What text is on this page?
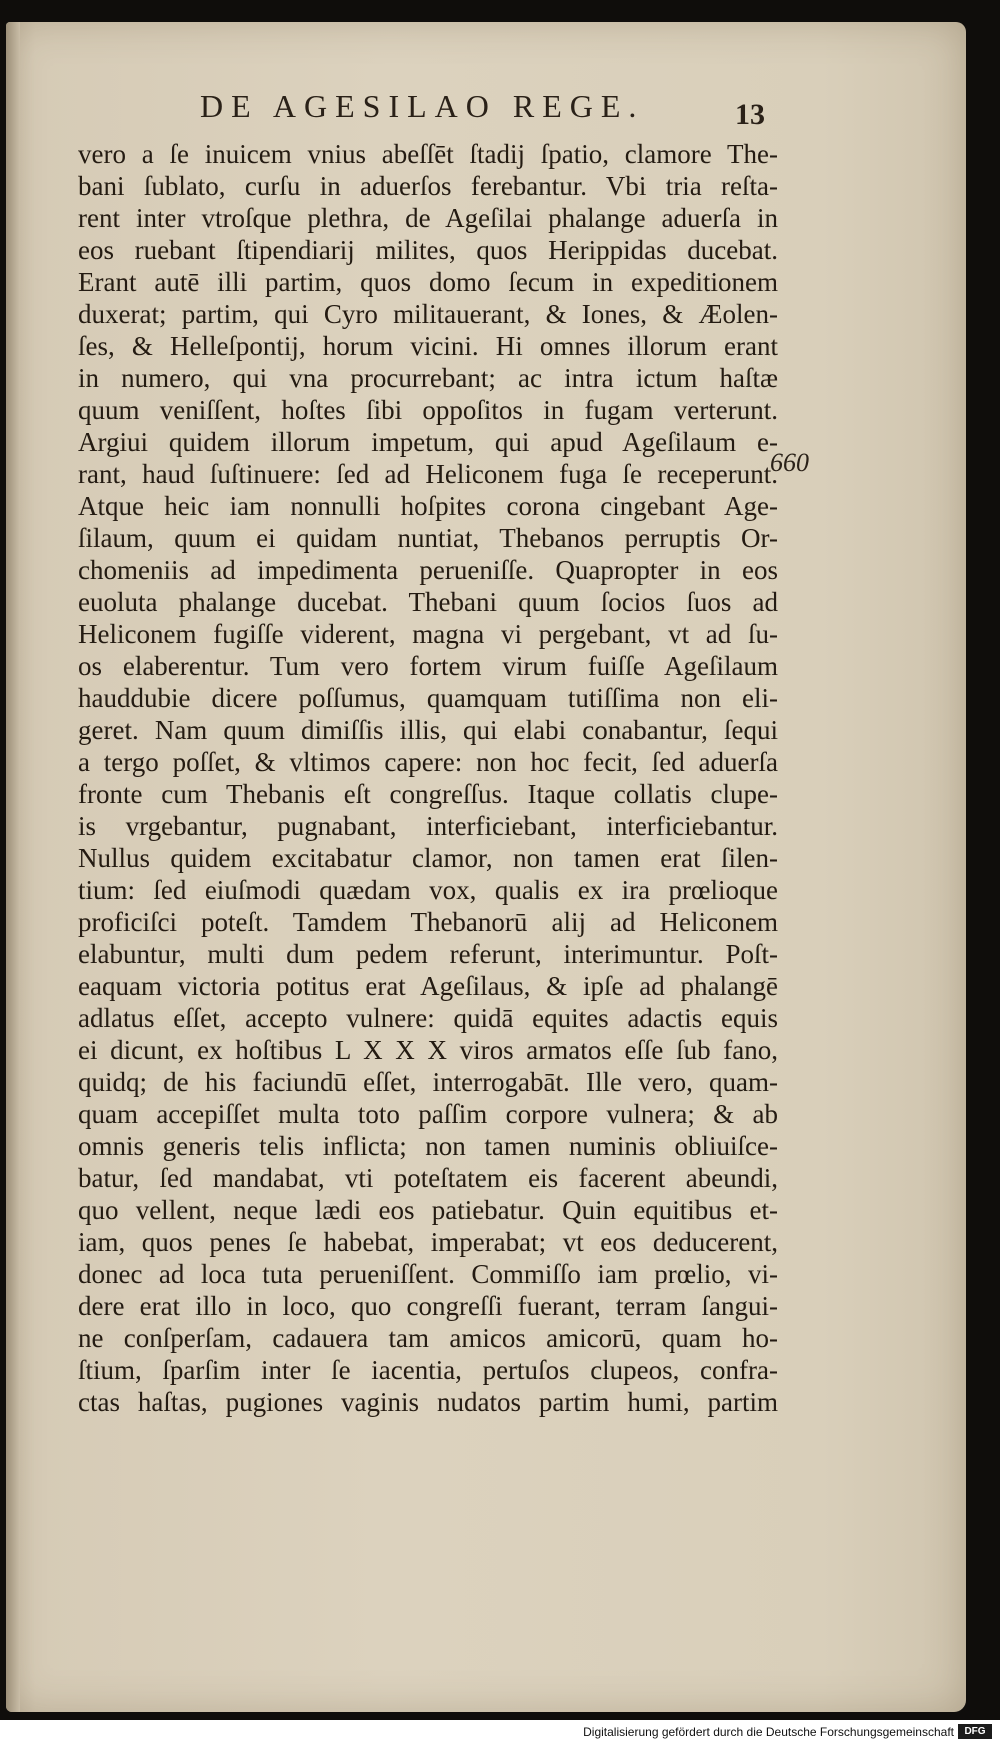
DE AGESILAO REGE.	13
660
vero a ſe inuicem vnius abeſſēt ſtadij ſpatio, clamore The-
bani ſublato, curſu in aduerſos ferebantur. Vbi tria reſta-
rent inter vtroſque plethra, de Ageſilai phalange aduerſa in
eos ruebant ſtipendiarij milites, quos Herippidas ducebat.
Erant autē illi partim, quos domo ſecum in expeditionem
duxerat; partim, qui Cyro militauerant, & Iones, & Æolen-
ſes, & Helleſpontij, horum vicini. Hi omnes illorum erant
in numero, qui vna procurrebant; ac intra ictum haſtæ
quum veniſſent, hoſtes ſibi oppoſitos in fugam verterunt.
Argiui quidem illorum impetum, qui apud Ageſilaum e-
rant, haud ſuſtinuere: ſed ad Heliconem fuga ſe receperunt.
Atque heic iam nonnulli hoſpites corona cingebant Age-
ſilaum, quum ei quidam nuntiat, Thebanos perruptis Or-
chomeniis ad impedimenta perueniſſe. Quapropter in eos
euoluta phalange ducebat. Thebani quum ſocios ſuos ad
Heliconem fugiſſe viderent, magna vi pergebant, vt ad ſu-
os elaberentur. Tum vero fortem virum fuiſſe Ageſilaum
hauddubie dicere poſſumus, quamquam tutiſſima non eli-
geret. Nam quum dimiſſis illis, qui elabi conabantur, ſequi
a tergo poſſet, & vltimos capere: non hoc fecit, ſed aduerſa
fronte cum Thebanis eſt congreſſus. Itaque collatis clupe-
is vrgebantur, pugnabant, interficiebant, interficiebantur.
Nullus quidem excitabatur clamor, non tamen erat ſilen-
tium: ſed eiuſmodi quædam vox, qualis ex ira prœlioque
proficiſci poteſt. Tamdem Thebanorū alij ad Heliconem
elabuntur, multi dum pedem referunt, interimuntur. Poſt-
eaquam victoria potitus erat Ageſilaus, & ipſe ad phalangē
adlatus eſſet, accepto vulnere: quidā equites adactis equis
ei dicunt, ex hoſtibus L X X X viros armatos eſſe ſub fano,
quidq; de his faciundū eſſet, interrogabāt. Ille vero, quam-
quam accepiſſet multa toto paſſim corpore vulnera; & ab
omnis generis telis inflicta; non tamen numinis obliuiſce-
batur, ſed mandabat, vti poteſtatem eis facerent abeundi,
quo vellent, neque lædi eos patiebatur. Quin equitibus et-
iam, quos penes ſe habebat, imperabat; vt eos deducerent,
donec ad loca tuta perueniſſent. Commiſſo iam prœlio, vi-
dere erat illo in loco, quo congreſſi fuerant, terram ſangui-
ne conſperſam, cadauera tam amicos amicorū, quam ho-
ſtium, ſparſim inter ſe iacentia, pertuſos clupeos, confra-
ctas haſtas, pugiones vaginis nudatos partim humi, partim
Digitalisierung gefördert durch die Deutsche Forschungsgemeinschaft	DFG
